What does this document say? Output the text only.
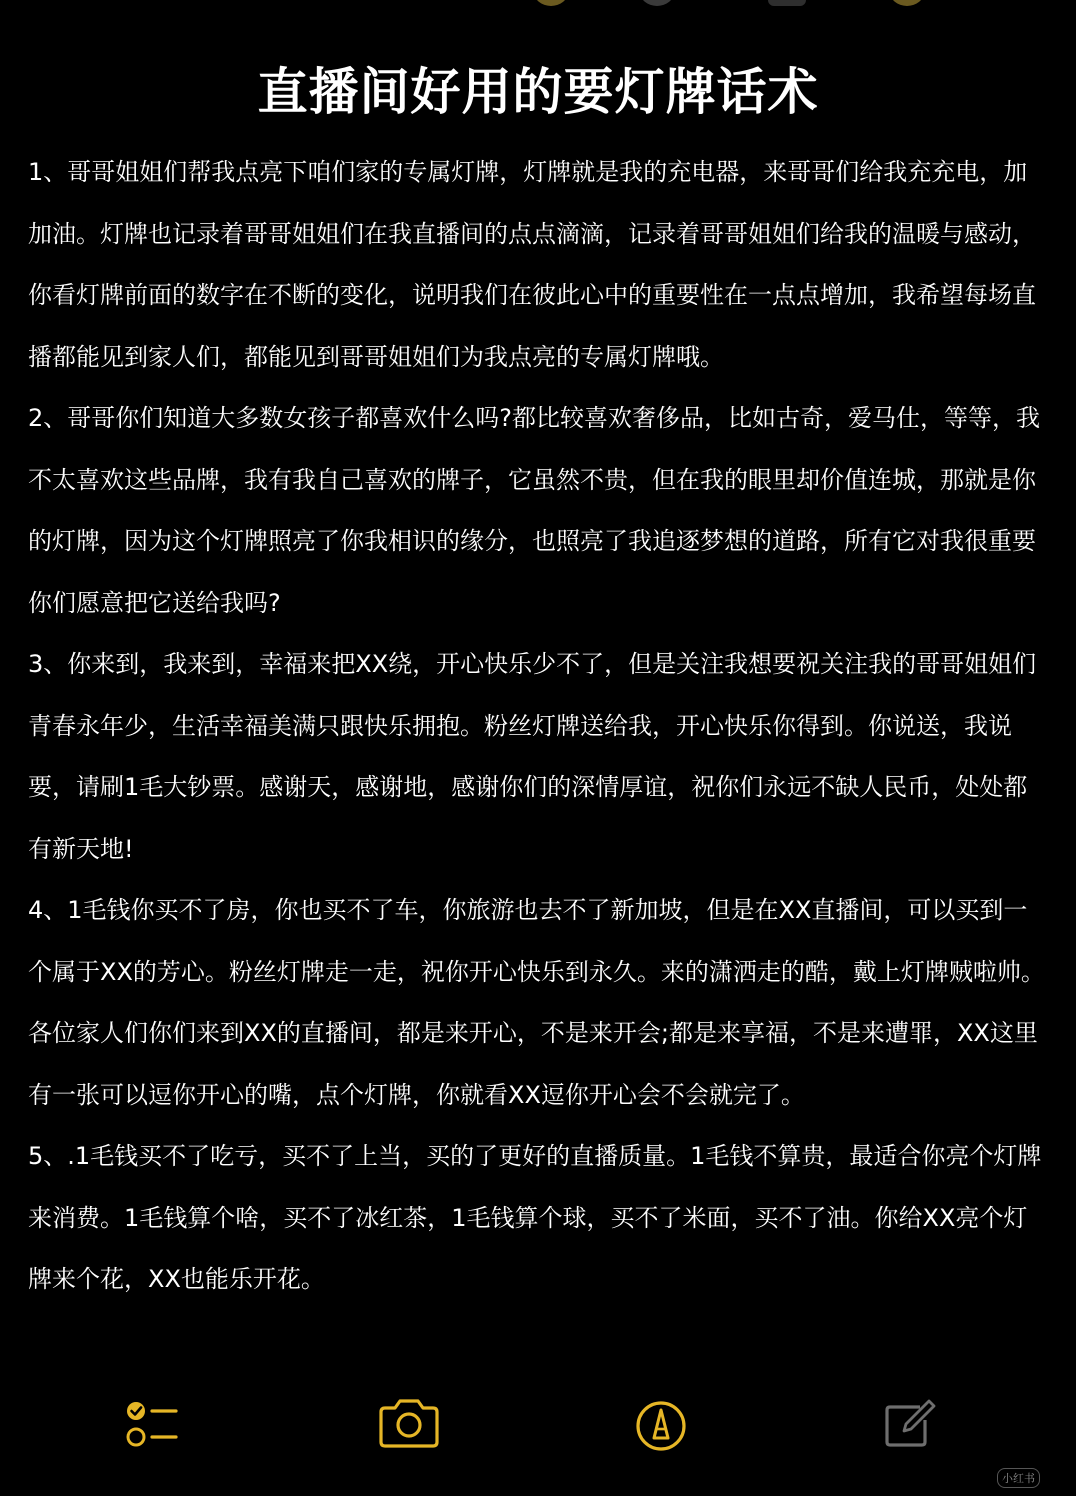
直播间好用的要灯牌话术

1、哥哥姐姐们帮我点亮下咱们家的专属灯牌，灯牌就是我的充电器，来哥哥们给我充充电，加加油。灯牌也记录着哥哥姐姐们在我直播间的点点滴滴，记录着哥哥姐姐们给我的温暖与感动，你看灯牌前面的数字在不断的变化，说明我们在彼此心中的重要性在一点点增加，我希望每场直播都能见到家人们，都能见到哥哥姐姐们为我点亮的专属灯牌哦。

2、哥哥你们知道大多数女孩子都喜欢什么吗?都比较喜欢奢侈品，比如古奇，爱马仕，等等，我不太喜欢这些品牌，我有我自己喜欢的牌子，它虽然不贵，但在我的眼里却价值连城，那就是你的灯牌，因为这个灯牌照亮了你我相识的缘分，也照亮了我追逐梦想的道路，所有它对我很重要你们愿意把它送给我吗?

3、你来到，我来到，幸福来把XX绕，开心快乐少不了，但是关注我想要祝关注我的哥哥姐姐们青春永年少，生活幸福美满只跟快乐拥抱。粉丝灯牌送给我，开心快乐你得到。你说送，我说要，请刷1毛大钞票。感谢天，感谢地，感谢你们的深情厚谊，祝你们永远不缺人民币，处处都有新天地!

4、1毛钱你买不了房，你也买不了车，你旅游也去不了新加坡，但是在XX直播间，可以买到一个属于XX的芳心。粉丝灯牌走一走，祝你开心快乐到永久。来的潇洒走的酷，戴上灯牌贼啦帅。各位家人们你们来到XX的直播间，都是来开心，不是来开会;都是来享福，不是来遭罪，XX这里有一张可以逗你开心的嘴，点个灯牌，你就看XX逗你开心会不会就完了。

5、.1毛钱买不了吃亏，买不了上当，买的了更好的直播质量。1毛钱不算贵，最适合你亮个灯牌来消费。1毛钱算个啥，买不了冰红茶，1毛钱算个球，买不了米面，买不了油。你给XX亮个灯牌来个花，XX也能乐开花。

小红书
